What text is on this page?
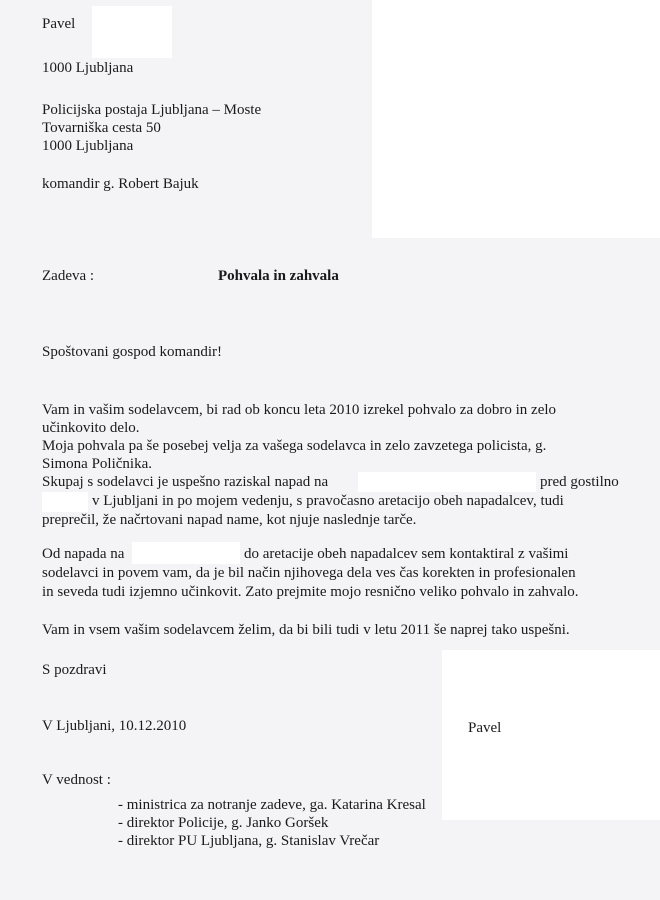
Pavel
1000 Ljubljana
Policijska postaja Ljubljana – Moste
Tovarniška cesta 50
1000 Ljubljana
komandir g. Robert Bajuk
Zadeva :	Pohvala in zahvala
Spoštovani gospod komandir!
Vam in vašim sodelavcem, bi rad ob koncu leta 2010 izrekel pohvalo za dobro in zelo
učinkovito delo.
Moja pohvala pa še posebej velja za vašega sodelavca in zelo zavzetega policista, g.
Simona Poličnika.
Skupaj s sodelavci je uspešno raziskal napad na	pred gostilno
v Ljubljani in po mojem vedenju, s pravočasno aretacijo obeh napadalcev, tudi
preprečil, že načrtovani napad name, kot njuje naslednje tarče.
Od napada na	do aretacije obeh napadalcev sem kontaktiral z vašimi
sodelavci in povem vam, da je bil način njihovega dela ves čas korekten in profesionalen
in seveda tudi izjemno učinkovit. Zato prejmite mojo resnično veliko pohvalo in zahvalo.
Vam in vsem vašim sodelavcem želim, da bi bili tudi v letu 2011 še naprej tako uspešni.
S pozdravi
V Ljubljani, 10.12.2010	Pavel
V vednost :
- ministrica za notranje zadeve, ga. Katarina Kresal
- direktor Policije, g. Janko Goršek
- direktor PU Ljubljana, g. Stanislav Vrečar
